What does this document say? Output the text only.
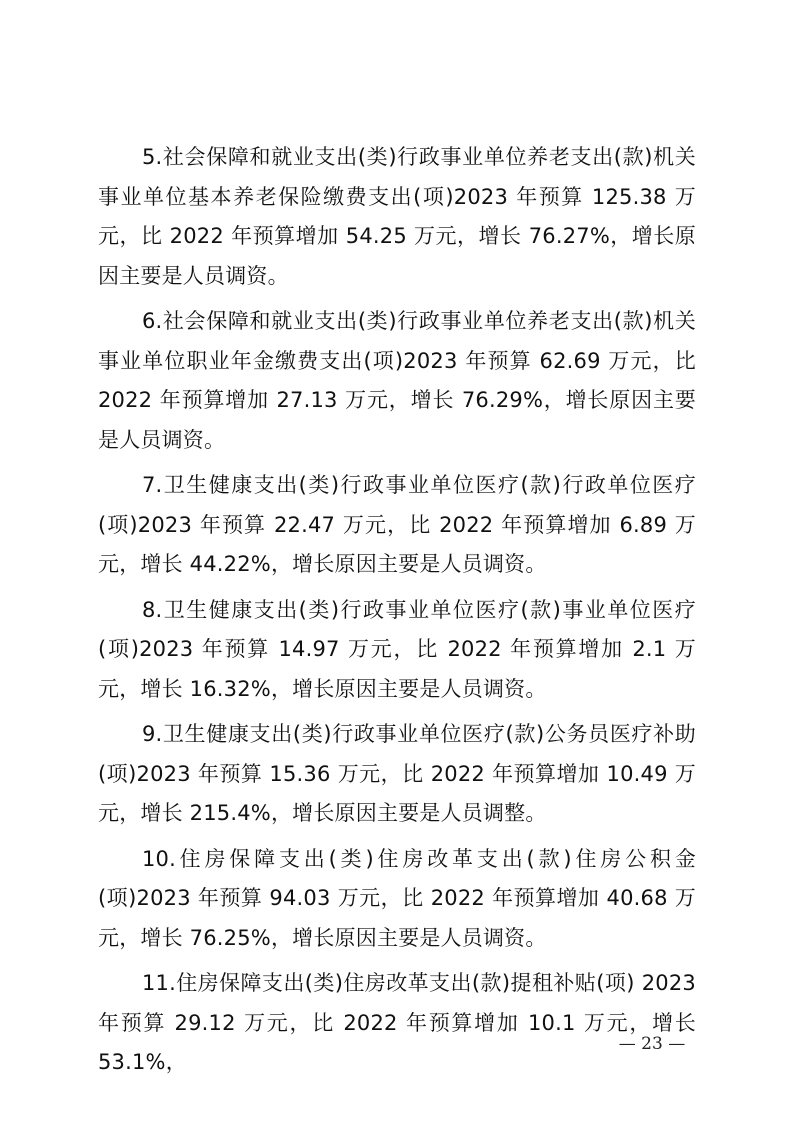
5.社会保障和就业支出(类)行政事业单位养老支出(款)机关事业单位基本养老保险缴费支出(项)2023 年预算 125.38 万元，比 2022 年预算增加 54.25 万元，增长 76.27%，增长原因主要是人员调资。

6.社会保障和就业支出(类)行政事业单位养老支出(款)机关事业单位职业年金缴费支出(项)2023 年预算 62.69 万元，比 2022 年预算增加 27.13 万元，增长 76.29%，增长原因主要是人员调资。

7.卫生健康支出(类)行政事业单位医疗(款)行政单位医疗(项)2023 年预算 22.47 万元，比 2022 年预算增加 6.89 万元，增长 44.22%，增长原因主要是人员调资。

8.卫生健康支出(类)行政事业单位医疗(款)事业单位医疗(项)2023 年预算 14.97 万元，比 2022 年预算增加 2.1 万元，增长 16.32%，增长原因主要是人员调资。

9.卫生健康支出(类)行政事业单位医疗(款)公务员医疗补助(项)2023 年预算 15.36 万元，比 2022 年预算增加 10.49 万元，增长 215.4%，增长原因主要是人员调整。

10.住房保障支出(类)住房改革支出(款)住房公积金(项)2023 年预算 94.03 万元，比 2022 年预算增加 40.68 万元，增长 76.25%，增长原因主要是人员调资。

11.住房保障支出(类)住房改革支出(款)提租补贴(项) 2023 年预算 29.12 万元，比 2022 年预算增加 10.1 万元，增长 53.1%，

— 23 —
